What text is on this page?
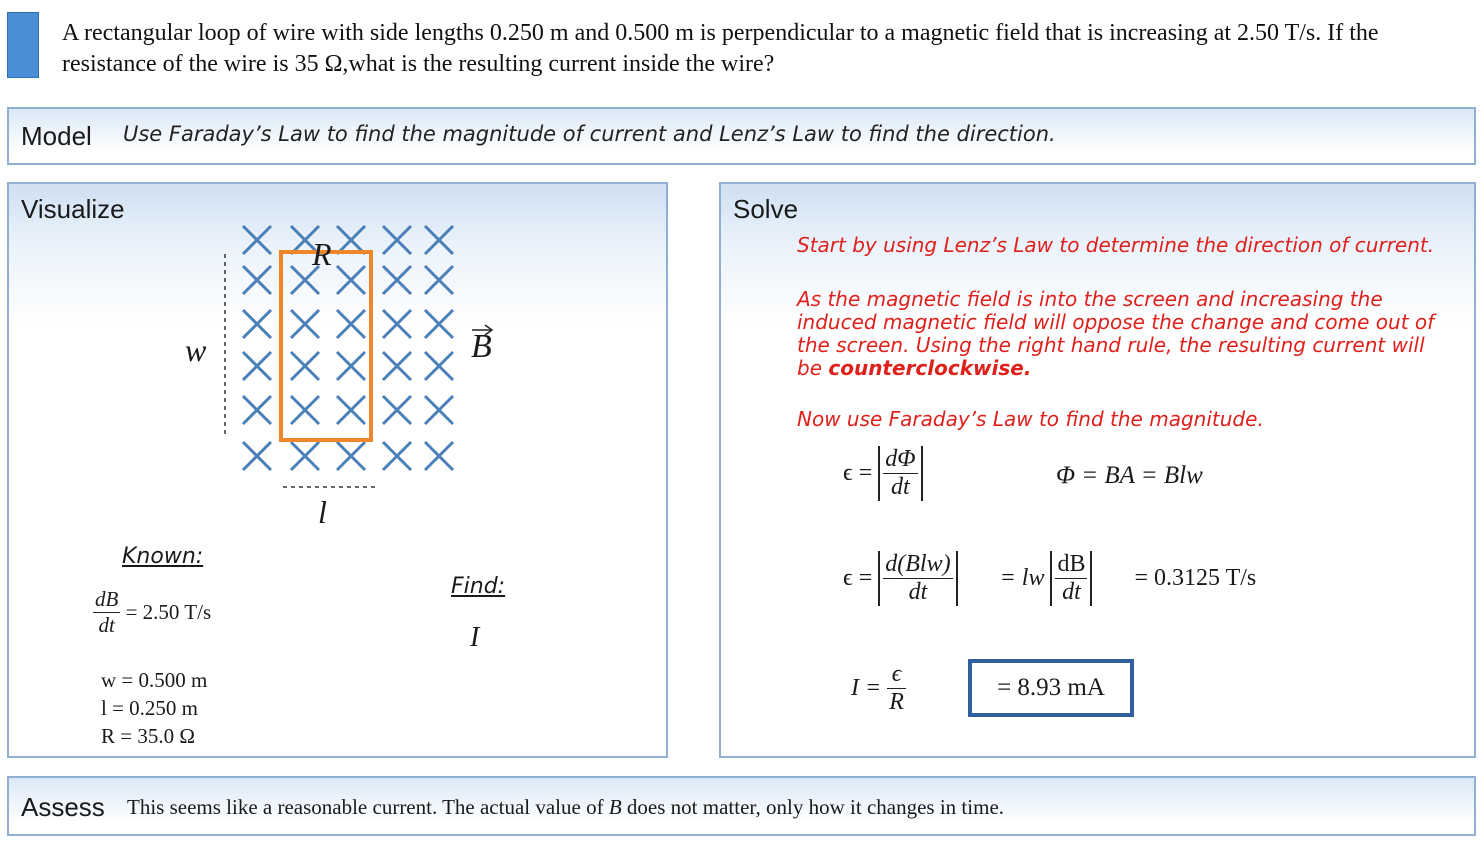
A rectangular loop of wire with side lengths 0.250 m and 0.500 m is perpendicular to a magnetic field that is increasing at 2.50 T/s. If the resistance of the wire is 35 Ω,what is the resulting current inside the wire?
Model Use Faraday’s Law to find the magnitude of current and Lenz’s Law to find the direction.
Visualize
R
w
l
B
Known:
$\frac{dB}{dt} = 2.50$ T/s
w = 0.500 m
l = 0.250 m
R = 35.0 Ω
Find:
I
Solve
Start by using Lenz’s Law to determine the direction of current.
As the magnetic field is into the screen and increasing the induced magnetic field will oppose the change and come out of the screen. Using the right hand rule, the resulting current will be counterclockwise.
Now use Faraday’s Law to find the magnitude.
$\epsilon = \frac{d\Phi}{dt}$	Φ = BA = Blw
$\epsilon = \frac{\text{d(Blw)}}{dt}$ = lw $\frac{dB}{dt} = 0.3125$ T/s
$I = \frac{\epsilon}{R}$	= 8.93 mA
Assess This seems like a reasonable current. The actual value of B does not matter, only how it changes in time.
